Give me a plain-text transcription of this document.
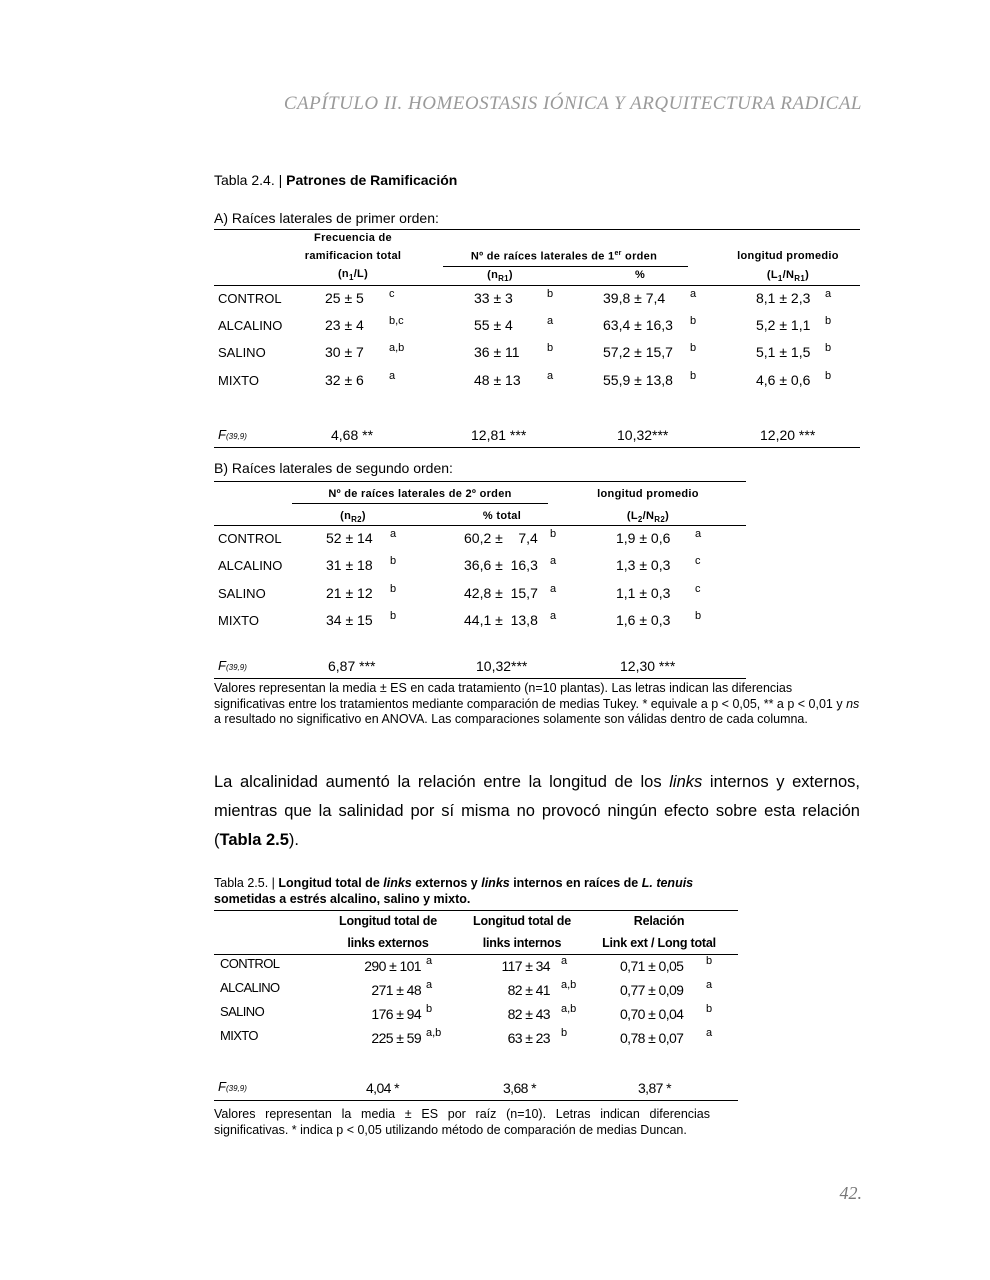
CAPÍTULO II. HOMEOSTASIS IÓNICA Y ARQUITECTURA RADICAL
Tabla 2.4. | Patrones de Ramificación
A) Raíces laterales de primer orden:
Frecuencia de
ramificacion total
$(n_1/L)$
Nº de raíces laterales de 1er orden
$(n_{R1})$	%
longitud promedio
$(L_1/N_{R1})$
CONTROL	25 ± 5 c	33 ± 3	b	39,8 ± 7,4 a	8,1 ± 2,3 a
ALCALINO	23 ± 4 b,c	55 ± 4	a	63,4 ± 16,3 b	5,2 ± 1,1 b
SALINO	30 ± 7 a,b	36 ± 11 b	57,2 ± 15,7 b	5,1 ± 1,5 b
MIXTO	32 ± 6 a	48 ± 13 a	55,9 ± 13,8 b	4,6 ± 0,6 b
F(39,9)	4,68 **	12,81 ***	10,32***	12,20 ***
B) Raíces laterales de segundo orden:
Nº de raíces laterales de 2º orden
$(n_{R2})$	% total
longitud promedio
$(L_2/N_{R2})$
CONTROL	52 ± 14 a	60,2 ±    7,4 b	1,9 ± 0,6 a
ALCALINO	31 ± 18 b	36,6 ±  16,3 a	1,3 ± 0,3 c
SALINO	21 ± 12 b	42,8 ±  15,7 a	1,1 ± 0,3 c
MIXTO	34 ± 15 b	44,1 ±  13,8 a	1,6 ± 0,3 b
F(39,9)	6,87 ***	10,32***	12,30 ***
Valores representan la media ± ES en cada tratamiento (n=10 plantas). Las letras indican las diferencias significativas entre los tratamientos mediante comparación de medias Tukey. * equivale a p < 0,05, ** a p < 0,01 y ns a resultado no significativo en ANOVA. Las comparaciones solamente son válidas dentro de cada columna.
La alcalinidad aumentó la relación entre la longitud de los links internos y externos, mientras que la salinidad por sí misma no provocó ningún efecto sobre esta relación (Tabla 2.5).
Tabla 2.5. | Longitud total de links externos y links internos en raíces de L. tenuis
sometidas a estrés alcalino, salino y mixto.
Longitud total de
links externos
Longitud total de
links internos
Relación
Link ext / Long total
CONTROL	290 ± 101 a	117 ± 34 a	0,71 ± 0,05 b
ALCALINO	271 ± 48 a	82 ± 41 a,b	0,77 ± 0,09 a
SALINO	176 ± 94 b	82 ± 43 a,b	0,70 ± 0,04 b
MIXTO	225 ± 59 a,b	63 ± 23 b	0,78 ± 0,07 a
F(39,9)	4,04 *	3,68 *	3,87 *
Valores representan la media ± ES por raíz (n=10). Letras indican diferencias significativas. * indica p < 0,05 utilizando método de comparación de medias Duncan.
42.
